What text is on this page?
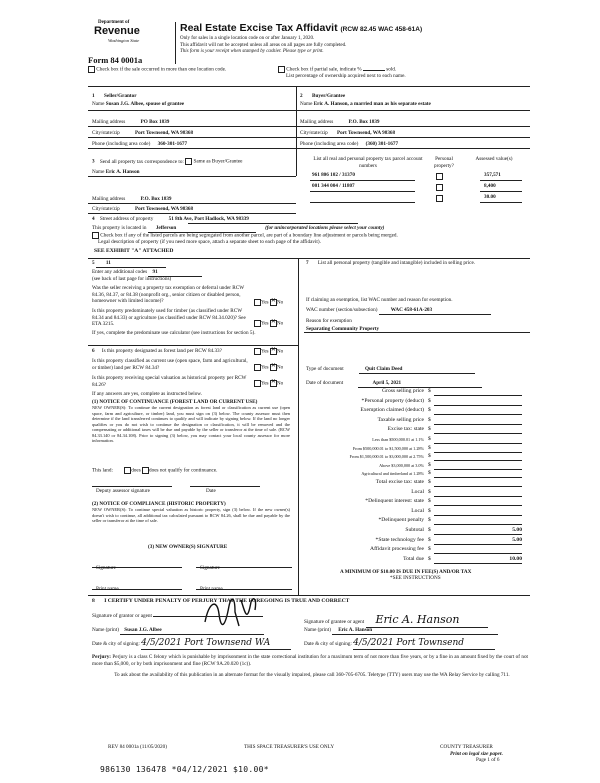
Department of
Revenue
Washington State
Form 84 0001a
Real Estate Excise Tax Affidavit (RCW 82.45 WAC 458-61A)
Only for sales in a single location code on or after January 1, 2020.
This affidavit will not be accepted unless all areas on all pages are fully completed.
This form is your receipt when stamped by cashier. Please type or print.
Check box if the sale occurred in more than one location code.	Check box if partial sale, indicate %	sold.
List percentage of ownership acquired next to each name.
1 Seller/Grantor
Name Susan J.G. Albee, spouse of grantee
2 Buyer/Grantee
Name Eric A. Hanson, a married man as his separate estate
Mailing address	PO Box 1839
City/state/zip	Port Townsend, WA 98368
Phone (including area code) 360-301-1677
Mailing address	P.O. Box 1839
City/state/zip Port Townsend, WA 98368
Phone (including area code) (360) 301-1677
3 Send all property tax correspondence to: Same as Buyer/Grantee
Name Eric A. Hanson
Mailing address	P.O. Box 1839
City/state/zip	Port Townsend, WA 98368
List all real and personal property tax parcel account numbers
Personal property?
Assessed value(s)
961 806 102 / 31370	357,571
001 344 004 / 11807	8,400
30.00
4 Street address of property	51 8th Ave, Port Hadlock, WA 98339
This property is located in Jefferson	(for unincorporated locations please select your county)
Check box if any of the listed parcels are being segregated from another parcel, are part of a boundary line adjustment or parcels being merged.
Legal description of property (if you need more space, attach a separate sheet to each page of the affidavit).
SEE EXHIBIT "A" ATTACHED
5 11
Enter any additional codes 91
(see back of last page for instructions)
Was the seller receiving a property tax exemption or deferral under RCW 84.36, 84.37, or 84.38 (nonprofit org., senior citizen or disabled person, homeowner with limited income)?	Yes ✕ No
Is this property predominately used for timber (as classified under RCW 84.34 and 84.33) or agriculture (as classified under RCW 84.34.020)? See ETA 3215.	Yes ✕ No
If yes, complete the predominate use calculator (see instructions for section 5).
7 List all personal property (tangible and intangible) included in selling price.
If claiming an exemption, list WAC number and reason for exemption.
WAC number (section/subsection)	WAC 458-61A-203
Reason for exemption
Separating Community Property
6 Is this property designated as forest land per RCW 84.33?	Yes ✕ No
Is this property classified as current use (open space, farm and agricultural, or timber) land per RCW 84.34?	Yes ✕ No
Is this property receiving special valuation as historical property per RCW 84.26?	Yes ✕ No
If any answers are yes, complete as instructed below.
(1) NOTICE OF CONTINUANCE (FOREST LAND OR CURRENT USE)
NEW OWNER(S): To continue the current designation as forest land or classification as current use (open space, farm and agriculture, or timber) land, you must sign on (3) below. The county assessor must then determine if the land transferred continues to qualify and will indicate by signing below. If the land no longer qualifies or you do not wish to continue the designation or classification, it will be removed and the compensating or additional taxes will be due and payable by the seller or transferor at the time of sale. (RCW 84.33.140 or 84.34.108). Prior to signing (3) below, you may contact your local county assessor for more information.
This land:	does does not qualify for continuance.
Deputy assessor signature	Date
(2) NOTICE OF COMPLIANCE (HISTORIC PROPERTY)
NEW OWNER(S): To continue special valuation as historic property, sign (3) below. If the new owner(s) doesn't wish to continue, all additional tax calculated pursuant to RCW 84.26, shall be due and payable by the seller or transferor at the time of sale.
(3) NEW OWNER(S) SIGNATURE
Signature	Signature
Print name	Print name
Type of document	Quit Claim Deed
Date of document	April 5, 2021
Gross selling price $
*Personal property (deduct) $
Exemption claimed (deduct) $
Taxable selling price $
Excise tax: state $
Less than $500,000.01 at 1.1% $
From $500,000.01 to $1,500,000 at 1.28% $
From $1,500,000.01 to $3,000,000 at 2.75% $
Above $3,000,000 at 3.0% $
Agricultural and timberland at 1.28% $
Total excise tax: state $
Local $
*Delinquent interest: state $
Local $
*Delinquent penalty $
Subtotal $	5.00
*State technology fee $	5.00
Affidavit processing fee $
Total due $	10.00
A MINIMUM OF $10.00 IS DUE IN FEE(S) AND/OR TAX
*SEE INSTRUCTIONS
8 I CERTIFY UNDER PENALTY OF PERJURY THAT THE FOREGOING IS TRUE AND CORRECT
Signature of grantor or agent
Signature of grantee or agent Eric A. Hanson
Name (print) Susan J.G. Albee	Name (print) Eric A. Hanson
Date & city of signing: 4/5/2021 Port Townsend WA	Date & city of signing: 4/5/2021 Port Townsend
Perjury: Perjury is a class C felony which is punishable by imprisonment in the state correctional institution for a maximum term of not more than five years, or by a fine in an amount fixed by the court of not more than $5,000, or by both imprisonment and fine (RCW 9A.20.020 (1c)).
To ask about the availability of this publication in an alternate format for the visually impaired, please call 360-705-6705. Teletype (TTY) users may use the WA Relay Service by calling 711.
REV 84 0001a (11/05/2020)	THIS SPACE TREASURER'S USE ONLY	COUNTY TREASURER
Print on legal size paper.
Page 1 of 6
986130 136478 *04/12/2021 $10.00*
